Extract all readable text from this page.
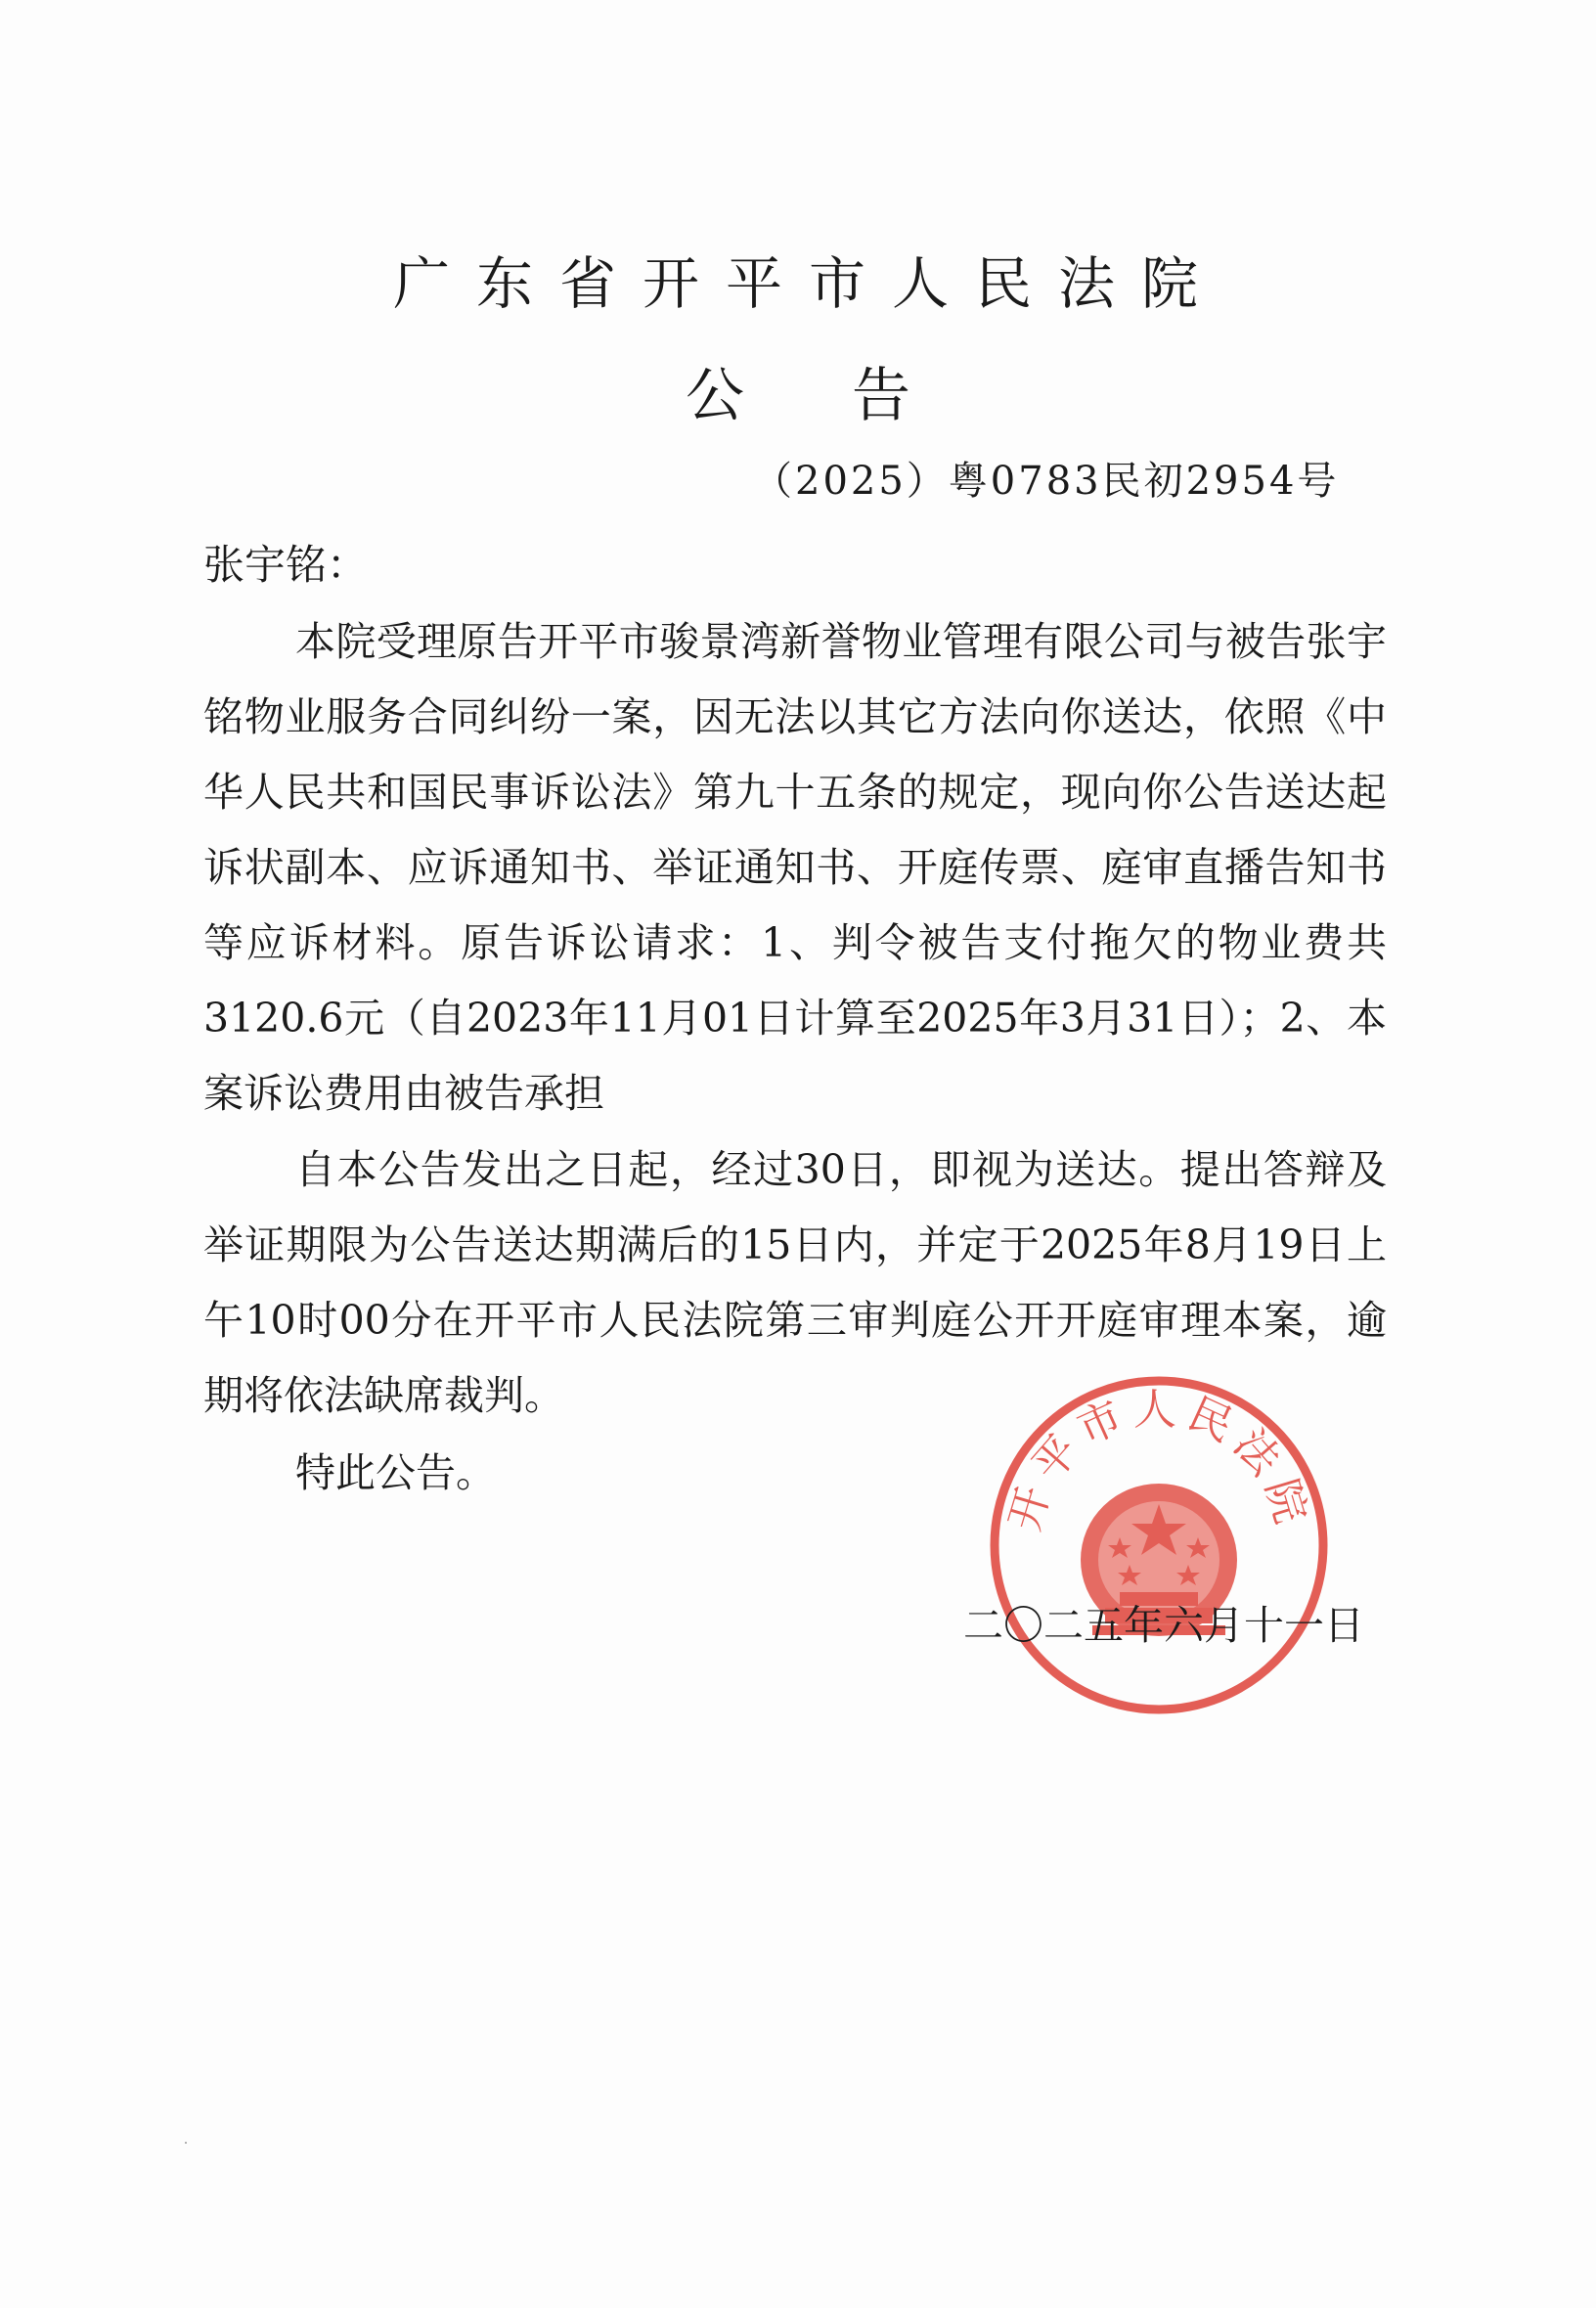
广东省开平市人民法院
公告
（2025）粤0783民初2954号
张宇铭：
本院受理原告开平市骏景湾新誉物业管理有限公司与被告张宇铭物业服务合同纠纷一案，因无法以其它方法向你送达，依照《中华人民共和国民事诉讼法》第九十五条的规定，现向你公告送达起诉状副本、应诉通知书、举证通知书、开庭传票、庭审直播告知书等应诉材料。原告诉讼请求：1、判令被告支付拖欠的物业费共3120.6元（自2023年11月01日计算至2025年3月31日）；2、本案诉讼费用由被告承担
自本公告发出之日起，经过30日，即视为送达。提出答辩及举证期限为公告送达期满后的15日内，并定于2025年8月19日上午10时00分在开平市人民法院第三审判庭公开开庭审理本案，逾期将依法缺席裁判。
特此公告。
开平市人民法院
二〇二五年六月十一日
